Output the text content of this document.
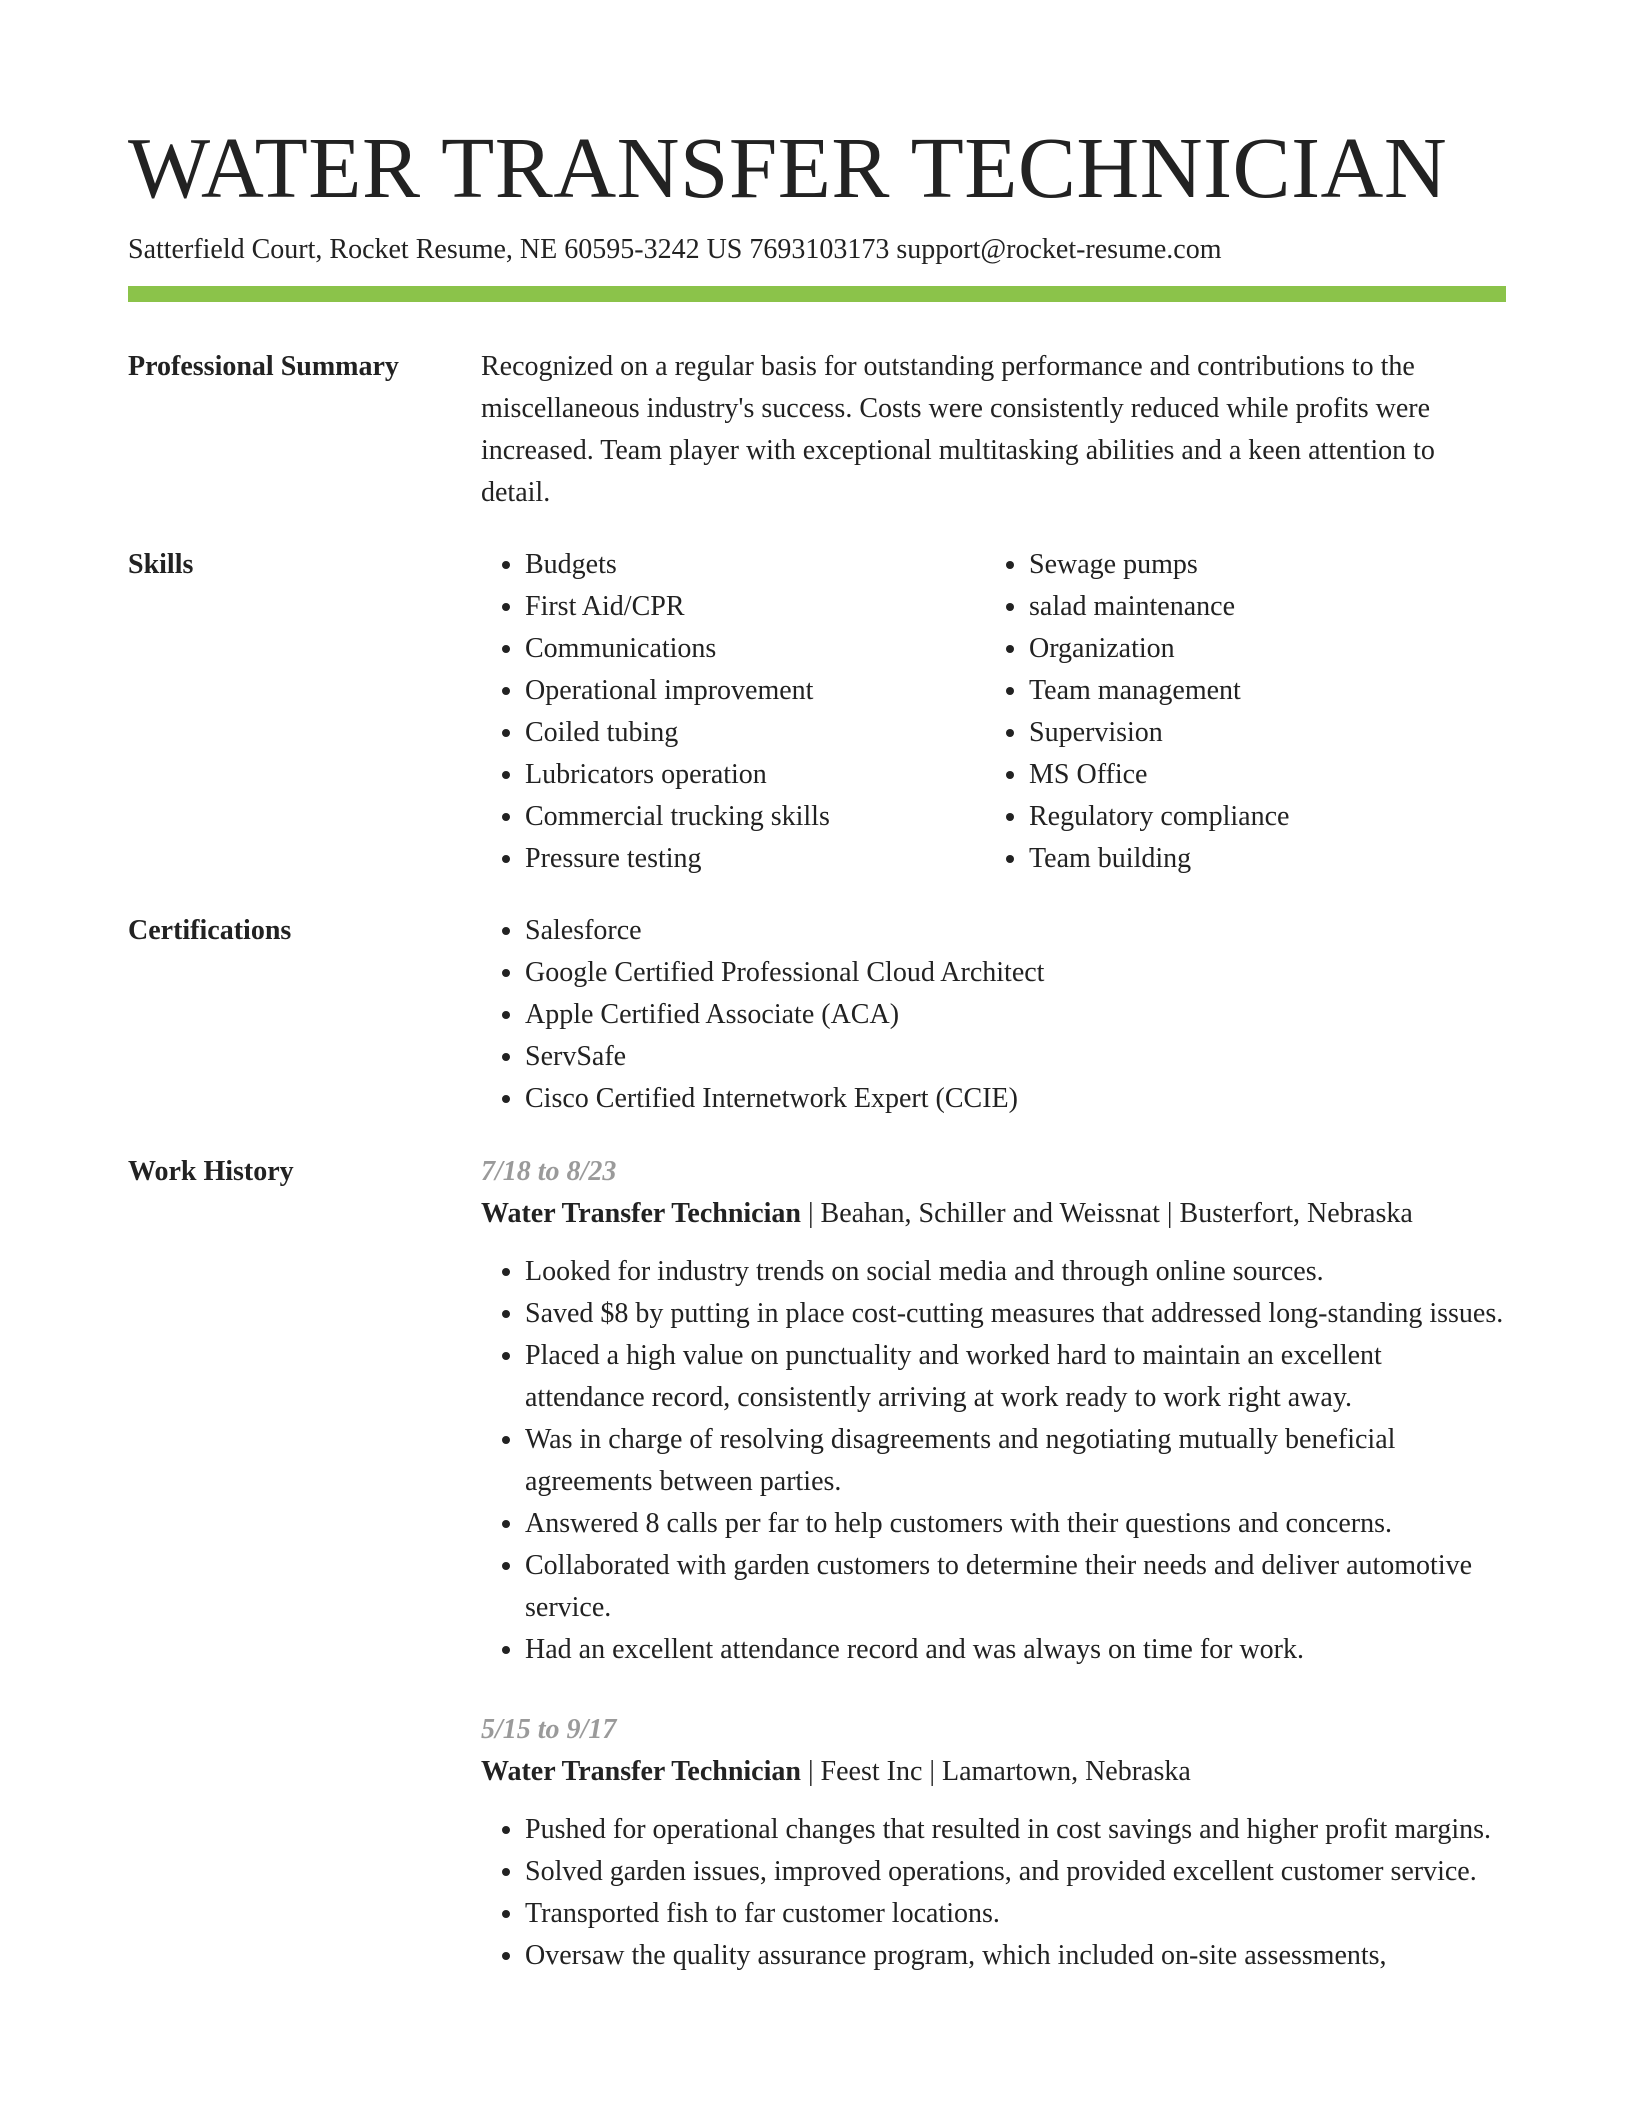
WATER TRANSFER TECHNICIAN
Satterfield Court, Rocket Resume, NE 60595-3242 US 7693103173 support@rocket-resume.com
Professional Summary	Recognized on a regular basis for outstanding performance and contributions to the miscellaneous industry's success. Costs were consistently reduced while profits were increased. Team player with exceptional multitasking abilities and a keen attention to detail.

Skills	• Budgets
• First Aid/CPR
• Communications
• Operational improvement
• Coiled tubing
• Lubricators operation
• Commercial trucking skills
• Pressure testing
• Sewage pumps
• salad maintenance
• Organization
• Team management
• Supervision
• MS Office
• Regulatory compliance
• Team building
Certifications	• Salesforce
• Google Certified Professional Cloud Architect
• Apple Certified Associate (ACA)
• ServSafe
• Cisco Certified Internetwork Expert (CCIE)
Work History	7/18 to 8/23
Water Transfer Technician | Beahan, Schiller and Weissnat | Busterfort, Nebraska
• Looked for industry trends on social media and through online sources.
• Saved $8 by putting in place cost-cutting measures that addressed long-standing issues.
• Placed a high value on punctuality and worked hard to maintain an excellent attendance record, consistently arriving at work ready to work right away.
• Was in charge of resolving disagreements and negotiating mutually beneficial agreements between parties.
• Answered 8 calls per far to help customers with their questions and concerns.
• Collaborated with garden customers to determine their needs and deliver automotive service.
• Had an excellent attendance record and was always on time for work.
5/15 to 9/17
Water Transfer Technician | Feest Inc | Lamartown, Nebraska
• Pushed for operational changes that resulted in cost savings and higher profit margins.
• Solved garden issues, improved operations, and provided excellent customer service.
• Transported fish to far customer locations.
• Oversaw the quality assurance program, which included on-site assessments,
